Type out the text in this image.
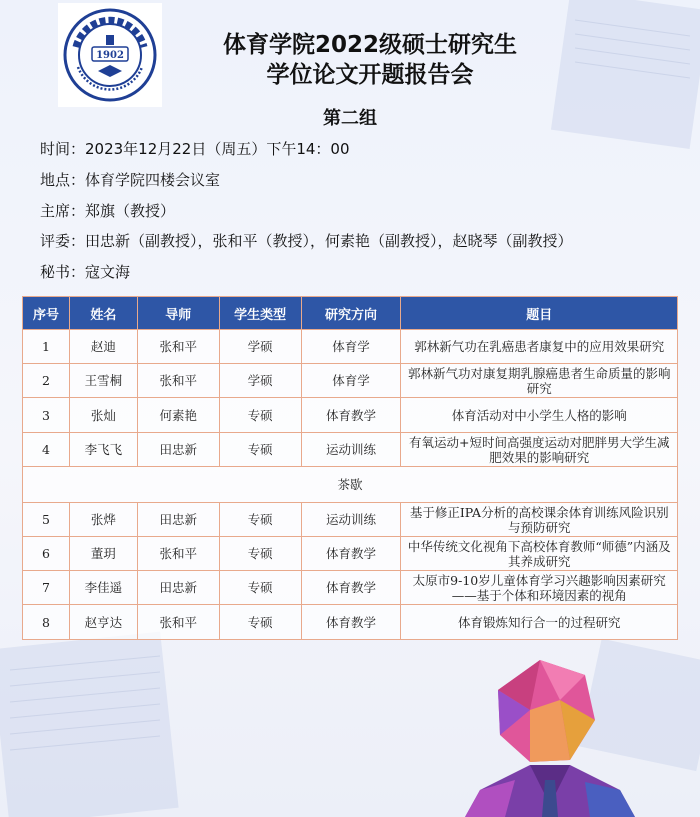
1902	体育学院2022级硕士研究生
学位论文开题报告会
第二组
时间：2023年12月22日（周五）下午14：00
地点：体育学院四楼会议室
主席：郑旗（教授）
评委：田忠新（副教授），张和平（教授），何素艳（副教授），赵晓琴（副教授）
秘书：寇文海
序号	姓名	导师	学生类型	研究方向	题目
1	赵迪	张和平	学硕	体育学	郭林新气功在乳癌患者康复中的应用效果研究
2	王雪桐	张和平	学硕	体育学	郭林新气功对康复期乳腺癌患者生命质量的影响研究
3	张灿	何素艳	专硕	体育教学	体育活动对中小学生人格的影响
4	李飞飞	田忠新	专硕	运动训练	有氧运动+短时间高强度运动对肥胖男大学生减肥效果的影响研究
茶歇					
5	张烨	田忠新	专硕	运动训练	基于修正IPA分析的高校课余体育训练风险识别与预防研究
6	董玥	张和平	专硕	体育教学	中华传统文化视角下高校体育教师“师德”内涵及其养成研究
7	李佳遥	田忠新	专硕	体育教学	太原市9-10岁儿童体育学习兴趣影响因素研究——基于个体和环境因素的视角
8	赵亨达	张和平	专硕	体育教学	体育锻炼知行合一的过程研究
